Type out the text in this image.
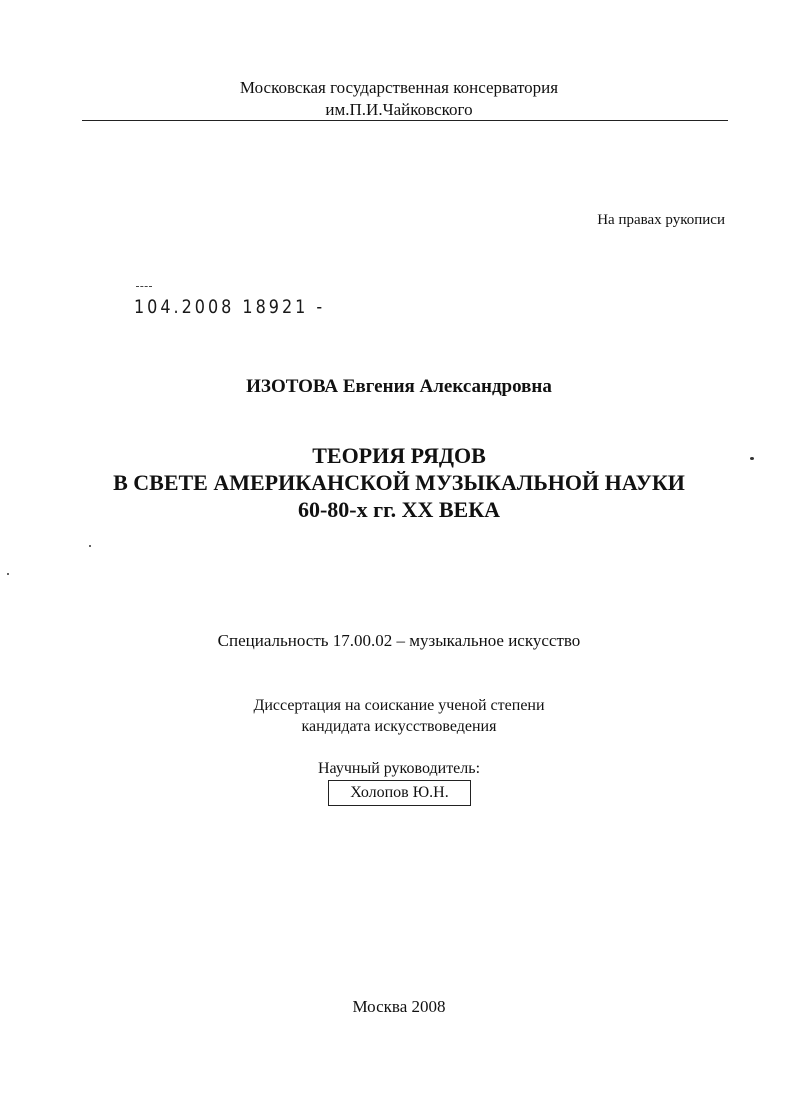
Московская государственная консерватория
им.П.И.Чайковского
На правах рукописи
104.2008 18921 -
ИЗОТОВА Евгения Александровна
ТЕОРИЯ РЯДОВ
В СВЕТЕ АМЕРИКАНСКОЙ МУЗЫКАЛЬНОЙ НАУКИ
60-80-х гг. XX ВЕКА
Специальность 17.00.02 – музыкальное искусство
Диссертация на соискание ученой степени
кандидата искусствоведения
Научный руководитель:
Холопов Ю.Н.
Москва 2008
